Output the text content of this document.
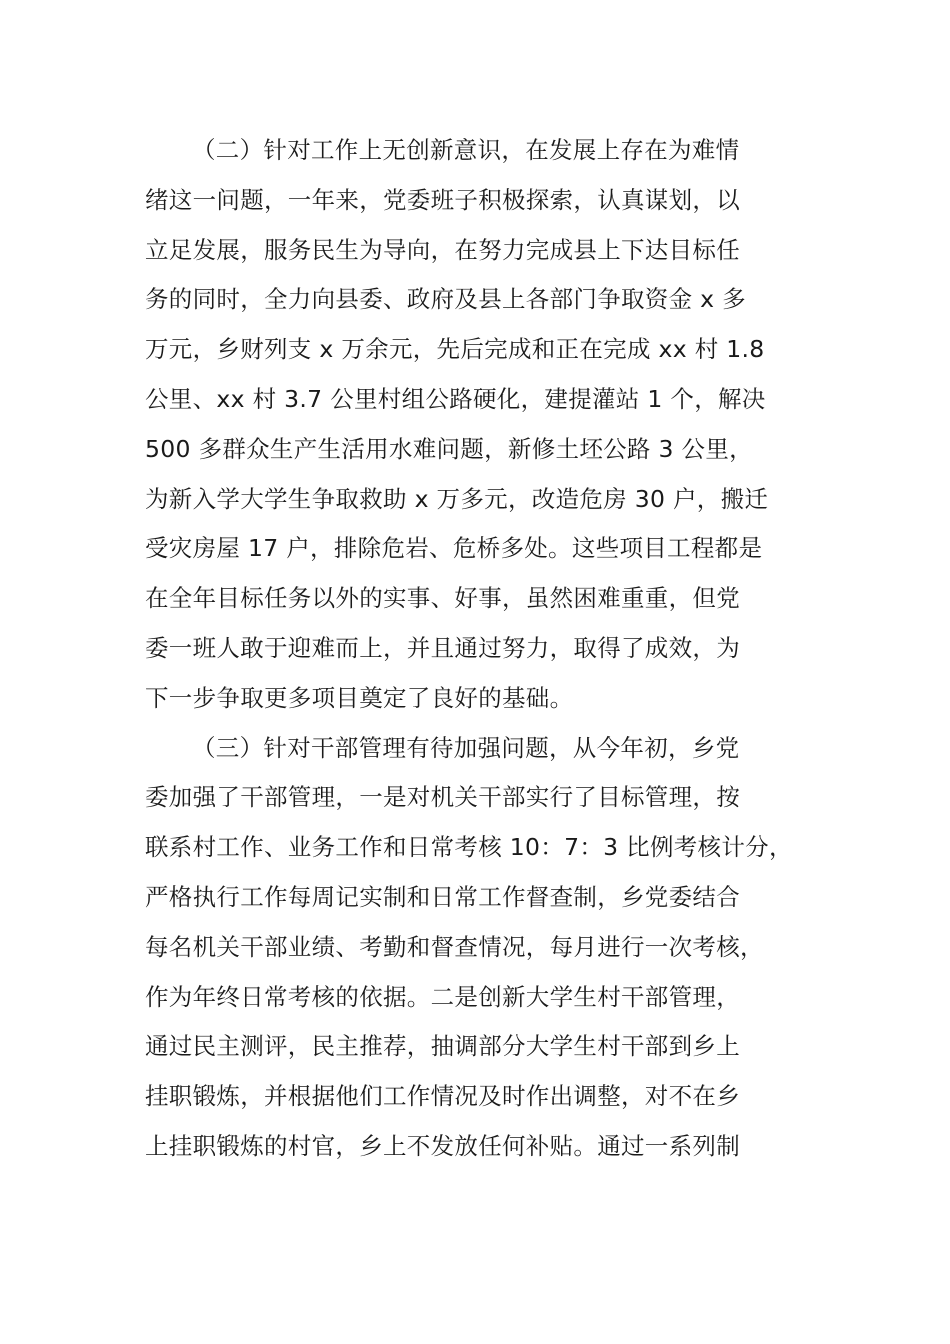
（二）针对工作上无创新意识，在发展上存在为难情
绪这一问题，一年来，党委班子积极探索，认真谋划，以
立足发展，服务民生为导向，在努力完成县上下达目标任
务的同时，全力向县委、政府及县上各部门争取资金 x 多
万元，乡财列支 x 万余元，先后完成和正在完成 xx 村 1.8
公里、xx 村 3.7 公里村组公路硬化，建提灌站 1 个，解决
500 多群众生产生活用水难问题，新修土坯公路 3 公里，
为新入学大学生争取救助 x 万多元，改造危房 30 户，搬迁
受灾房屋 17 户，排除危岩、危桥多处。这些项目工程都是
在全年目标任务以外的实事、好事，虽然困难重重，但党
委一班人敢于迎难而上，并且通过努力，取得了成效，为
下一步争取更多项目奠定了良好的基础。
（三）针对干部管理有待加强问题，从今年初，乡党
委加强了干部管理，一是对机关干部实行了目标管理，按
联系村工作、业务工作和日常考核 10：7：3 比例考核计分，
严格执行工作每周记实制和日常工作督查制，乡党委结合
每名机关干部业绩、考勤和督查情况，每月进行一次考核，
作为年终日常考核的依据。二是创新大学生村干部管理，
通过民主测评，民主推荐，抽调部分大学生村干部到乡上
挂职锻炼，并根据他们工作情况及时作出调整，对不在乡
上挂职锻炼的村官，乡上不发放任何补贴。通过一系列制
